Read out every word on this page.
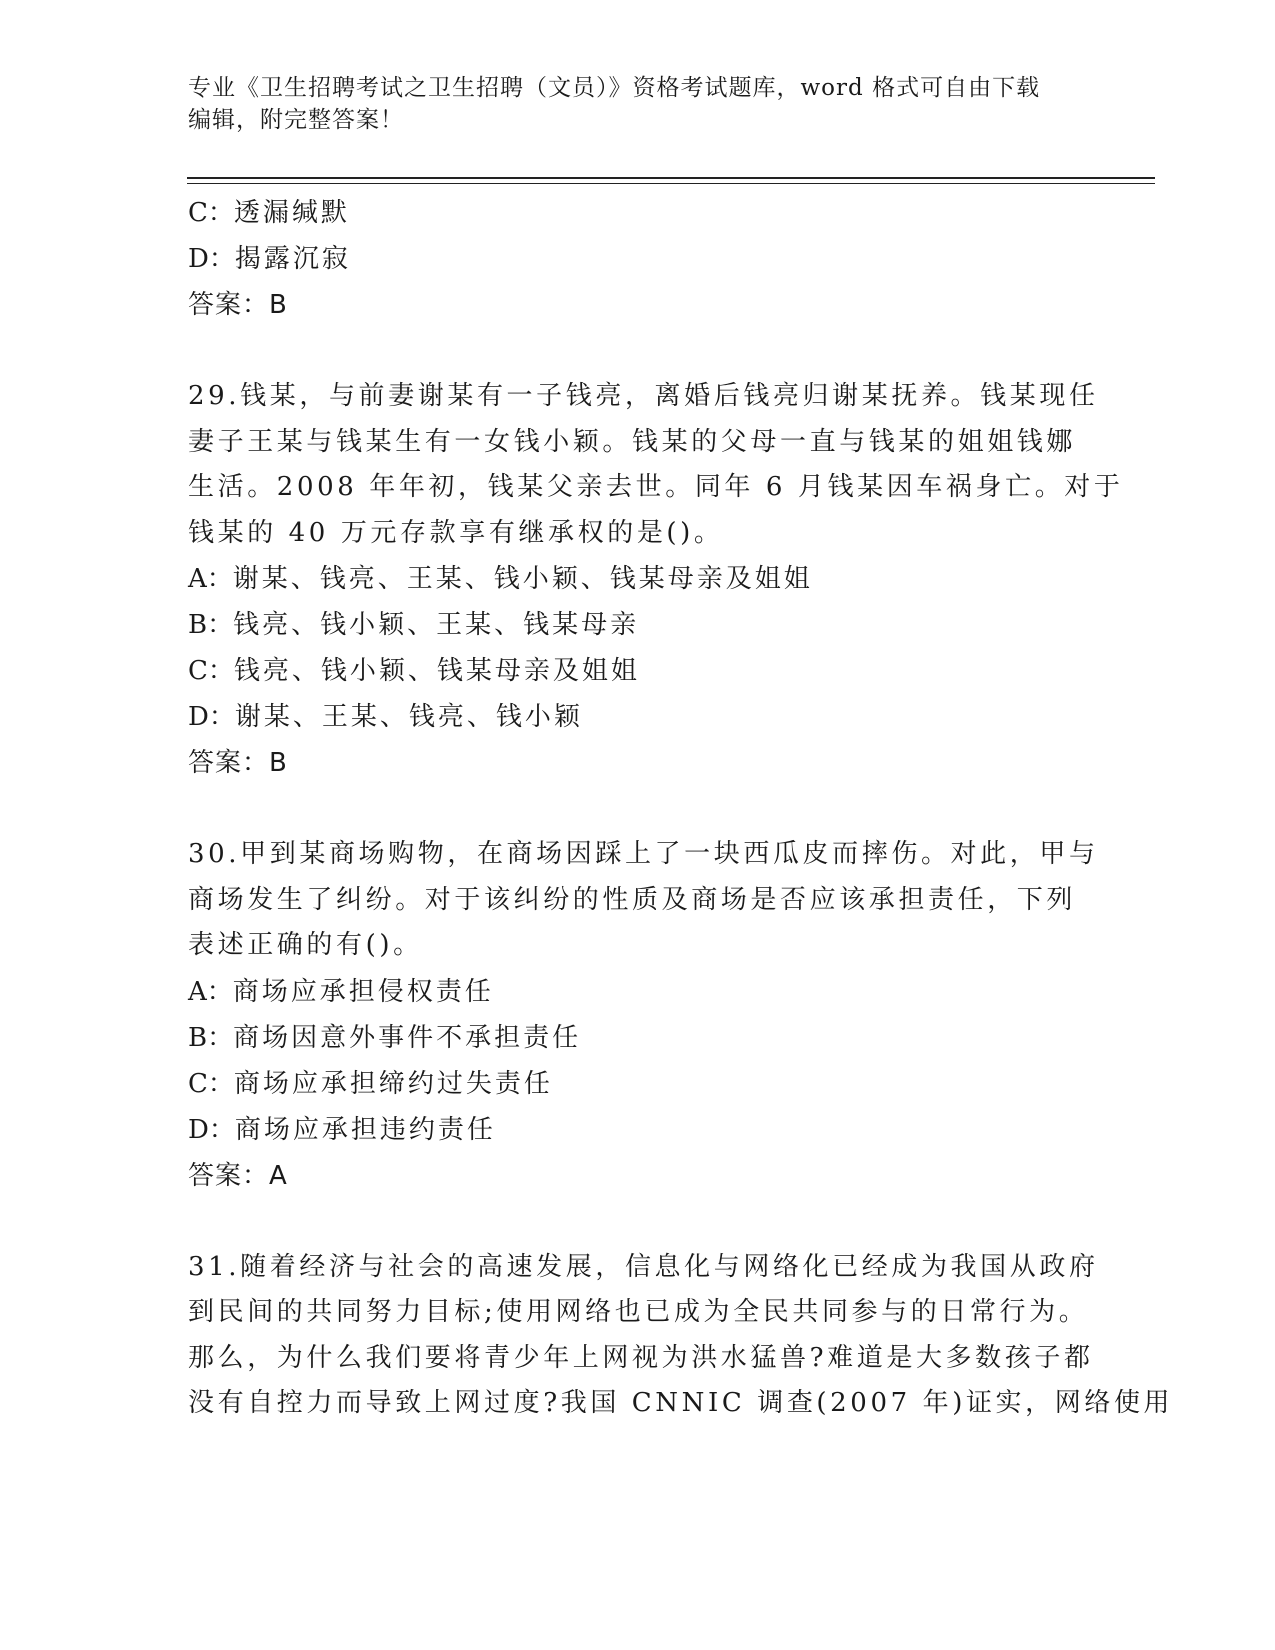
专业《卫生招聘考试之卫生招聘（文员）》资格考试题库，word 格式可自由下载
编辑，附完整答案！
C：透漏缄默
D：揭露沉寂
答案：B
29.钱某，与前妻谢某有一子钱亮，离婚后钱亮归谢某抚养。钱某现任
妻子王某与钱某生有一女钱小颖。钱某的父母一直与钱某的姐姐钱娜
生活。2008 年年初，钱某父亲去世。同年 6 月钱某因车祸身亡。对于
钱某的 40 万元存款享有继承权的是()。
A：谢某、钱亮、王某、钱小颖、钱某母亲及姐姐
B：钱亮、钱小颖、王某、钱某母亲
C：钱亮、钱小颖、钱某母亲及姐姐
D：谢某、王某、钱亮、钱小颖
答案：B
30.甲到某商场购物，在商场因踩上了一块西瓜皮而摔伤。对此，甲与
商场发生了纠纷。对于该纠纷的性质及商场是否应该承担责任，下列
表述正确的有()。
A：商场应承担侵权责任
B：商场因意外事件不承担责任
C：商场应承担缔约过失责任
D：商场应承担违约责任
答案：A
31.随着经济与社会的高速发展，信息化与网络化已经成为我国从政府
到民间的共同努力目标;使用网络也已成为全民共同参与的日常行为。
那么，为什么我们要将青少年上网视为洪水猛兽?难道是大多数孩子都
没有自控力而导致上网过度?我国 CNNIC 调查(2007 年)证实，网络使用
